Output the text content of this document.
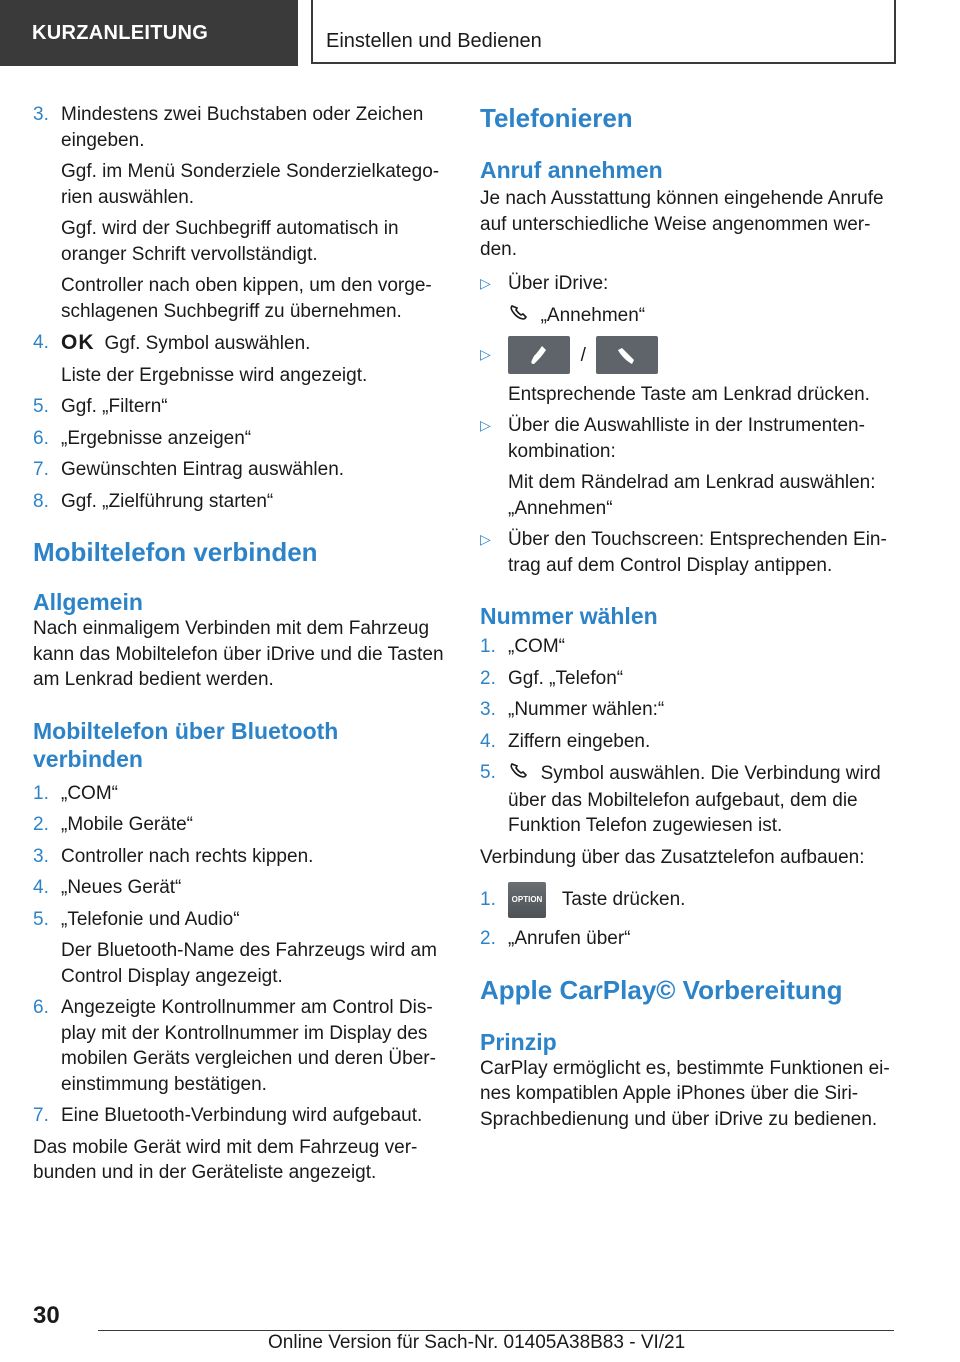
KURZANLEITUNG	Einstellen und Bedienen
3. Mindestens zwei Buchstaben oder Zeichen eingeben.

Ggf. im Menü Sonderziele Sonderzielkatego-rien auswählen.

Ggf. wird der Suchbegriff automatisch in oranger Schrift vervollständigt.

Controller nach oben kippen, um den vorge-schlagenen Suchbegriff zu übernehmen.

4. OK Ggf. Symbol auswählen.

Liste der Ergebnisse wird angezeigt.

5. Ggf. „Filtern“

6. „Ergebnisse anzeigen“

7. Gewünschten Eintrag auswählen.

8. Ggf. „Zielführung starten“

Mobiltelefon verbinden
Allgemein

Nach einmaligem Verbinden mit dem Fahrzeug kann das Mobiltelefon über iDrive und die Tasten am Lenkrad bedient werden.

Mobiltelefon über Bluetooth verbinden
1. „COM“

2. „Mobile Geräte“

3. Controller nach rechts kippen.

4. „Neues Gerät“

5. „Telefonie und Audio“

Der Bluetooth-Name des Fahrzeugs wird am Control Display angezeigt.

6. Angezeigte Kontrollnummer am Control Dis-play mit der Kontrollnummer im Display des mobilen Geräts vergleichen und deren Über-einstimmung bestätigen.

7. Eine Bluetooth-Verbindung wird aufgebaut.

Das mobile Gerät wird mit dem Fahrzeug ver-bunden und in der Geräteliste angezeigt.

Telefonieren
Anruf annehmen

Je nach Ausstattung können eingehende Anrufe auf unterschiedliche Weise angenommen wer-den.

▷ Über iDrive:

„Annehmen“

▷	/

Entsprechende Taste am Lenkrad drücken.

▷ Über die Auswahlliste in der Instrumenten-kombination:

Mit dem Rändelrad am Lenkrad auswählen:

„Annehmen“

▷ Über den Touchscreen: Entsprechenden Ein-trag auf dem Control Display antippen.

Nummer wählen
1. „COM“

2. Ggf. „Telefon“

3. „Nummer wählen:“

4. Ziffern eingeben.

5.	Symbol auswählen. Die Verbindung wird über das Mobiltelefon aufgebaut, dem die Funktion Telefon zugewiesen ist.

Verbindung über das Zusatztelefon aufbauen:

1.	OPTION Taste drücken.

2. „Anrufen über“

Apple CarPlay© Vorbereitung
Prinzip

CarPlay ermöglicht es, bestimmte Funktionen ei-nes kompatiblen Apple iPhones über die Siri-Sprachbedienung und über iDrive zu bedienen.

30
Online Version für Sach-Nr. 01405A38B83 - VI/21
